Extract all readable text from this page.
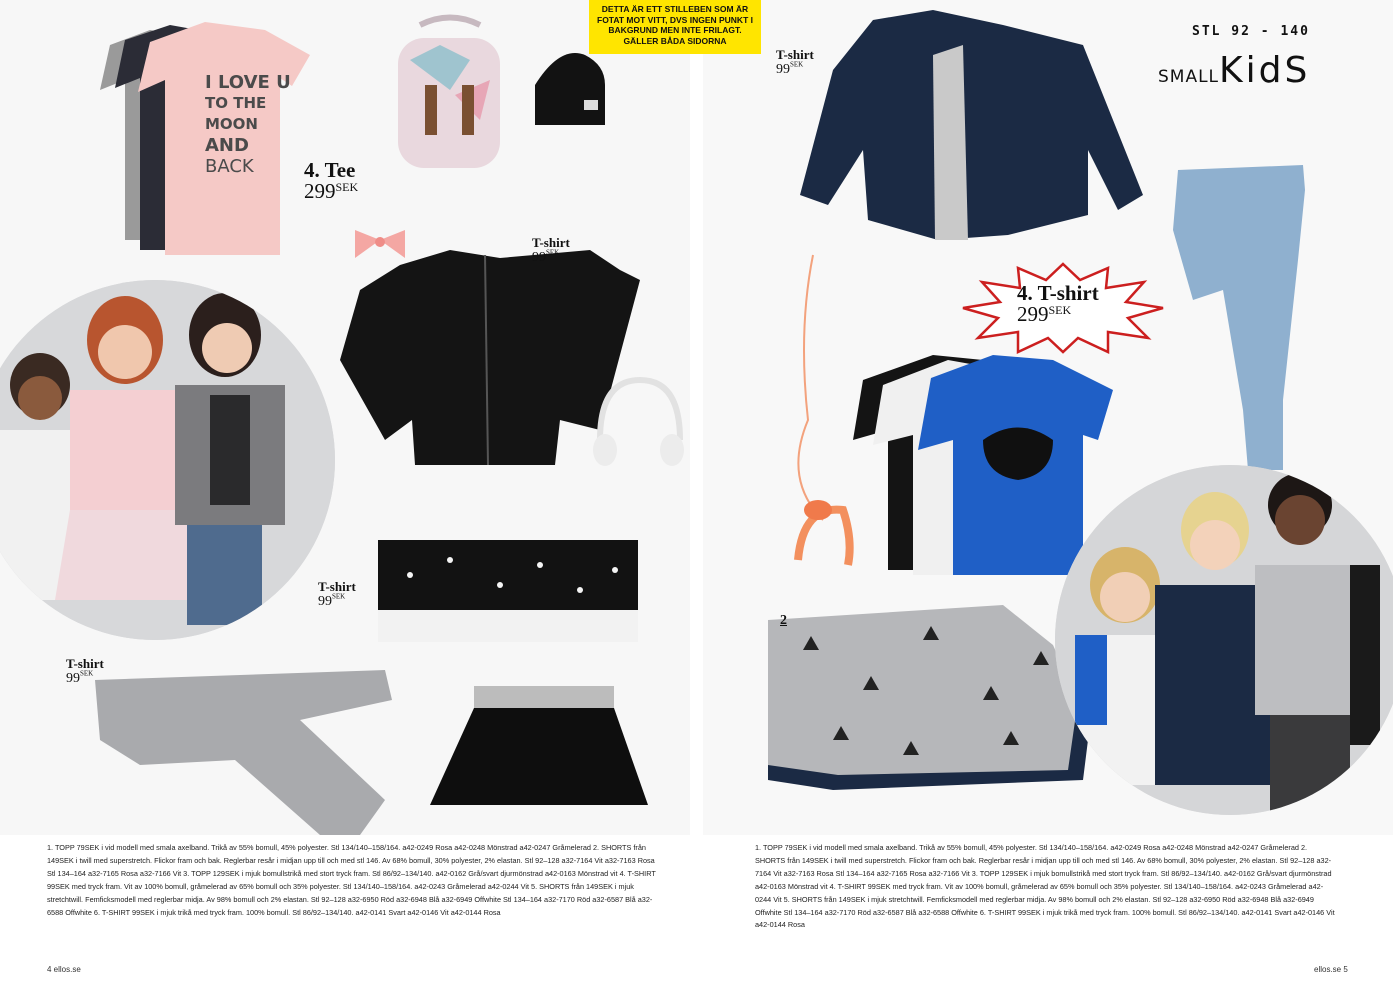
I LOVE U
TO THE MOON
AND
BACK	4. Tee
$299^{SEK}$
T-shirt
$99^{SEK}$
T-shirt
$99^{SEK}$
T-shirt
$99^{SEK}$
DETTA ÄR ETT STILLEBEN SOM ÄR FOTAT MOT VITT, DVS INGEN PUNKT I BAKGRUND MEN INTE FRILAGT. GÄLLER BÅDA SIDORNA
1. TOPP 79SEK i vid modell med smala axelband. Trikå av 55% bomull, 45% polyester. Stl 134/140–158/164. a42-0249 Rosa a42-0248 Mönstrad a42-0247 Gråmelerad 2. SHORTS från 149SEK i twill med superstretch. Flickor fram och bak. Reglerbar resår i midjan upp till och med stl 146. Av 68% bomull, 30% polyester, 2% elastan. Stl 92–128 a32-7164 Vit a32-7163 Rosa Stl 134–164 a32-7165 Rosa a32-7166 Vit 3. TOPP 129SEK i mjuk bomullstrikå med stort tryck fram. Stl 86/92–134/140. a42-0162 Grå/svart djurmönstrad a42-0163 Mönstrad vit 4. T-SHIRT 99SEK med tryck fram. Vit av 100% bomull, gråmelerad av 65% bomull och 35% polyester. Stl 134/140–158/164. a42-0243 Gråmelerad a42-0244 Vit 5. SHORTS från 149SEK i mjuk stretchtwill. Femficksmodell med reglerbar midja. Av 98% bomull och 2% elastan. Stl 92–128 a32-6950 Röd a32-6948 Blå a32-6949 Offwhite Stl 134–164 a32-7170 Röd a32-6587 Blå a32-6588 Offwhite 6. T-SHIRT 99SEK i mjuk trikå med tryck fram. 100% bomull. Stl 86/92–134/140. a42-0141 Svart a42-0146 Vit a42-0144 Rosa
4 ellos.se
4. T-shirt
$299^{SEK}$
T-shirt
$99^{SEK}$
2
STL 92 - 140
SMALLKidS
1. TOPP 79SEK i vid modell med smala axelband. Trikå av 55% bomull, 45% polyester. Stl 134/140–158/164. a42-0249 Rosa a42-0248 Mönstrad a42-0247 Gråmelerad 2. SHORTS från 149SEK i twill med superstretch. Flickor fram och bak. Reglerbar resår i midjan upp till och med stl 146. Av 68% bomull, 30% polyester, 2% elastan. Stl 92–128 a32-7164 Vit a32-7163 Rosa Stl 134–164 a32-7165 Rosa a32-7166 Vit 3. TOPP 129SEK i mjuk bomullstrikå med stort tryck fram. Stl 86/92–134/140. a42-0162 Grå/svart djurmönstrad a42-0163 Mönstrad vit 4. T-SHIRT 99SEK med tryck fram. Vit av 100% bomull, gråmelerad av 65% bomull och 35% polyester. Stl 134/140–158/164. a42-0243 Gråmelerad a42-0244 Vit 5. SHORTS från 149SEK i mjuk stretchtwill. Femficksmodell med reglerbar midja. Av 98% bomull och 2% elastan. Stl 92–128 a32-6950 Röd a32-6948 Blå a32-6949 Offwhite Stl 134–164 a32-7170 Röd a32-6587 Blå a32-6588 Offwhite 6. T-SHIRT 99SEK i mjuk trikå med tryck fram. 100% bomull. Stl 86/92–134/140. a42-0141 Svart a42-0146 Vit a42-0144 Rosa
ellos.se 5
